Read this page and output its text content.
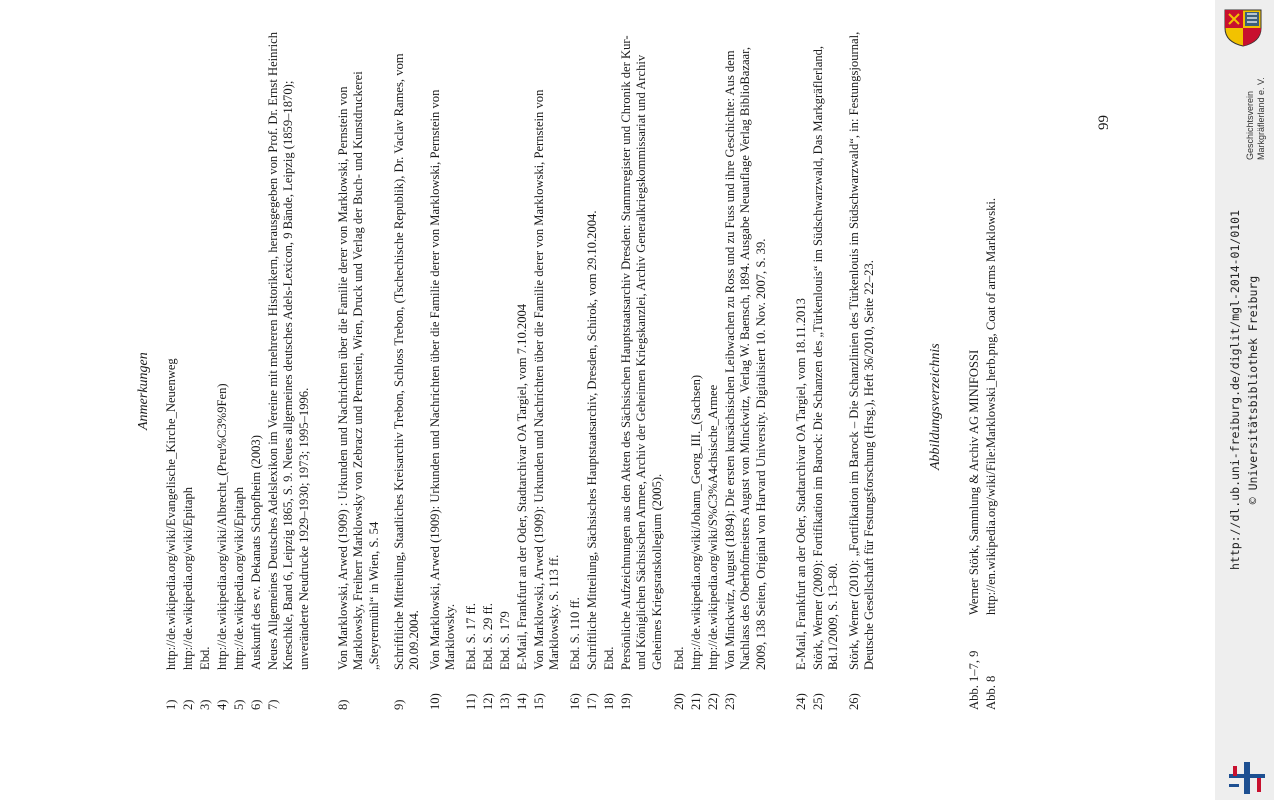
Anmerkungen
1)
http://de.wikipedia.org/wiki/Evangelische_Kirche_Neuenweg
2)
http://de.wikipedia.org/wiki/Epitaph
3)
Ebd.
4)
http://de.wikipedia.org/wiki/Albrecht_(Preu%C3%9Fen)
5)
http://de.wikipedia.org/wiki/Epitaph
6)
Auskunft des ev. Dekanats Schopfheim (2003)
7)
Neues Allgemeines Deutsches Adelslexikon im Vereine mit mehreren Historikern, herausgegeben von Prof. Dr. Ernst Heinrich Kneschkle, Band 6, Leipzig 1865, S. 9. Neues allgemeines deutsches Adels-Lexicon, 9 Bände, Leipzig (1859–1870); unveränderte Neudrucke 1929–1930; 1973; 1995–1996.
8)
Von Marklowski, Arwed (1909) : Urkunden und Nachrichten über die Familie derer von Marklowski, Pernstein von Marklowsky, Freiherr Marklowsky von Zebracz und Pernstein, Wien, Druck und Verlag der Buch- und Kunstdruckerei „Steyrermühl“ in Wien, S. 54
9)
Schriftliche Mitteilung, Staatliches Kreisarchiv Trebon, Schloss Trebon, (Tschechische Republik), Dr. Vaclav Rames, vom 20.09.2004.
10)
Von Marklowski, Arwed (1909): Urkunden und Nachrichten über die Familie derer von Marklowski, Pernstein von Marklowsky.
11)
Ebd. S. 17 ff.
12)
Ebd. S. 29 ff.
13)
Ebd. S. 179
14)
E-Mail, Frankfurt an der Oder, Stadtarchivar OA Targiel, vom 7.10.2004
15)
Von Marklowski, Arwed (1909): Urkunden und Nachrichten über die Familie derer von Marklowski, Pernstein von Marklowsky. S. 113 ff.
16)
Ebd. S. 110 ff.
17)
Schriftliche Mitteilung, Sächsisches Hauptstaatsarchiv, Dresden, Schirok, vom 29.10.2004.
18)
Ebd.
19)
Persönliche Aufzeichnungen aus den Akten des Sächsischen Hauptstaatsarchiv Dresden: Stammregister und Chronik der Kur- und Königlichen Sächsischen Armee, Archiv der Geheimen Kriegskanzlei, Archiv Generalkriegskommissariat und Archiv Geheimes Kriegsratskollegium (2005).
20)
Ebd.
21)
http://de.wikipedia.org/wiki/Johann_Georg_III._(Sachsen)
22)
http://de.wikipedia.org/wiki/S%C3%A4chsische_Armee
23)
Von Minckwitz, August (1894): Die ersten kursächsischen Leibwachen zu Ross und zu Fuss und ihre Geschichte: Aus dem Nachlass des Oberhofmeisters August von Minckwitz, Verlag W. Baensch, 1894. Ausgabe Neuauflage Verlag BiblioBazaar, 2009, 138 Seiten, Original von Harvard University. Digitalisiert 10. Nov. 2007, S. 39.
24)
E-Mail, Frankfurt an der Oder, Stadtarchivar OA Targiel, vom 18.11.2013
25)
Störk, Werner (2009): Fortifikation im Barock: Die Schanzen des „Türkenlouis“ im Südschwarzwald, Das Markgräflerland, Bd.1/2009, S. 13–80.
26)
Störk, Werner (2010): „Fortifikation im Barock – Die Schanzlinien des Türkenlouis im Südschwarzwald“, in: Festungsjournal, Deutsche Gesellschaft für Festungsforschung (Hrsg.), Heft 36/2010, Seite 22–23.	Abbildungsverzeichnis
Abb. 1–7, 9
Werner Störk, Sammlung & Archiv AG MINIFOSSI
Abb. 8
http://en.wikipedia.org/wiki/File:Marklowski_herb.png, Coat of arms Marklowski.
99	Geschichtsverein Markgräflerland e. V.
http://dl.ub.uni-freiburg.de/diglit/mgl-2014-01/0101 © Universitätsbibliothek Freiburg
